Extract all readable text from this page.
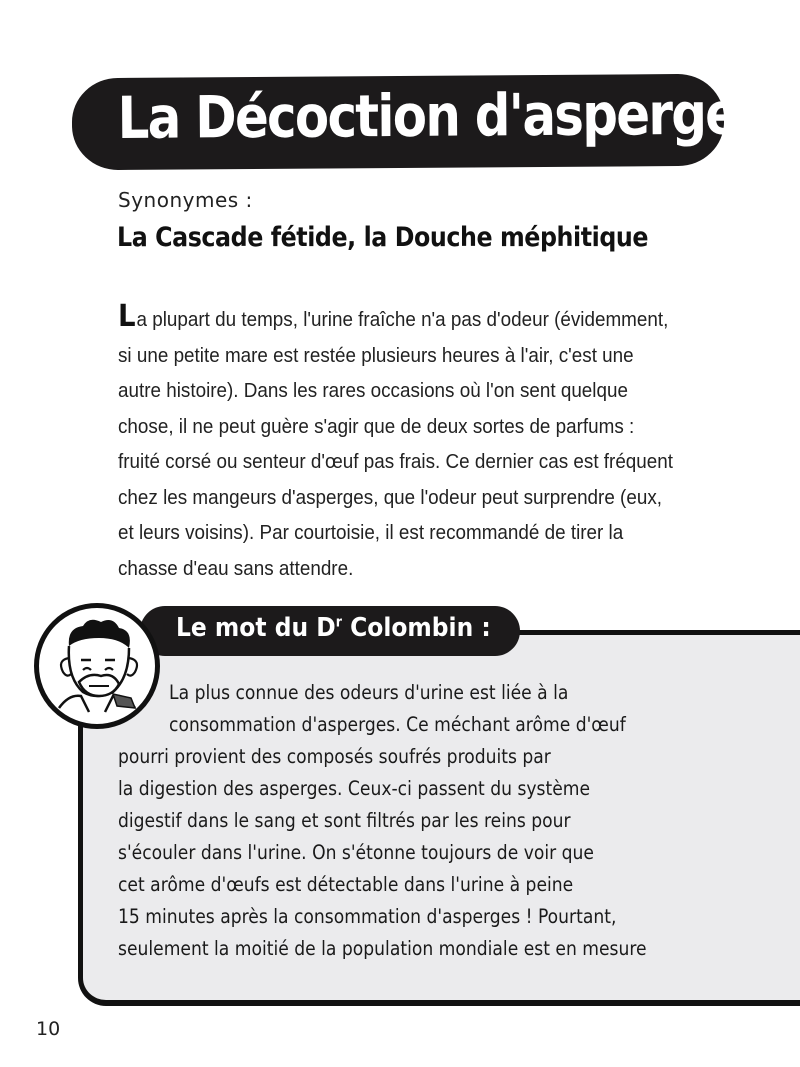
La Décoction d'asperges
Synonymes :
La Cascade fétide, la Douche méphitique
La plupart du temps, l'urine fraîche n'a pas d'odeur (évidemment,
si une petite mare est restée plusieurs heures à l'air, c'est une
autre histoire). Dans les rares occasions où l'on sent quelque
chose, il ne peut guère s'agir que de deux sortes de parfums :
fruité corsé ou senteur d'œuf pas frais. Ce dernier cas est fréquent
chez les mangeurs d'asperges, que l'odeur peut surprendre (eux,
et leurs voisins). Par courtoisie, il est recommandé de tirer la
chasse d'eau sans attendre.
Le mot du $D^r$ Colombin :
La plus connue des odeurs d'urine est liée à la
consommation d'asperges. Ce méchant arôme d'œuf
pourri provient des composés soufrés produits par
la digestion des asperges. Ceux-ci passent du système
digestif dans le sang et sont filtrés par les reins pour
s'écouler dans l'urine. On s'étonne toujours de voir que
cet arôme d'œufs est détectable dans l'urine à peine
15 minutes après la consommation d'asperges ! Pourtant,
seulement la moitié de la population mondiale est en mesure
10
